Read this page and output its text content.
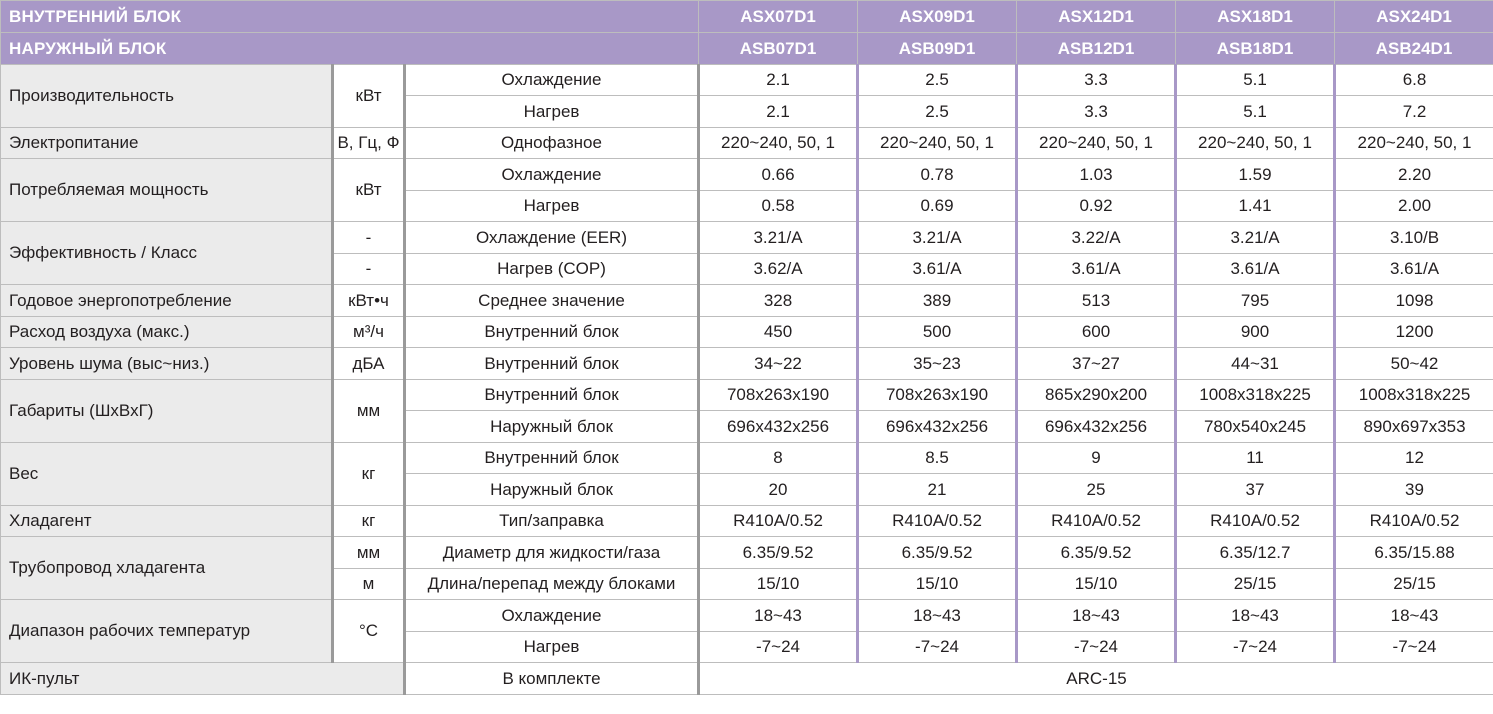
ВНУТРЕННИЙ БЛОК			ASX07D1	ASX09D1	ASX12D1	ASX18D1	ASX24D1
НАРУЖНЫЙ БЛОК			ASB07D1	ASB09D1	ASB12D1	ASB18D1	ASB24D1
Производительность	кВт	Охлаждение	2.1	2.5	3.3	5.1	6.8
		Нагрев	2.1	2.5	3.3	5.1	7.2
Электропитание	В, Гц, Ф	Однофазное	220~240, 50, 1	220~240, 50, 1	220~240, 50, 1	220~240, 50, 1	220~240, 50, 1
Потребляемая мощность	кВт	Охлаждение	0.66	0.78	1.03	1.59	2.20
		Нагрев	0.58	0.69	0.92	1.41	2.00
Эффективность / Класс	-	Охлаждение (EER)	3.21/A	3.21/A	3.22/A	3.21/A	3.10/B
	-	Нагрев (COP)	3.62/A	3.61/A	3.61/A	3.61/A	3.61/A
Годовое энергопотребление	кВт•ч	Среднее значение	328	389	513	795	1098
Расход воздуха (макс.)	м³/ч	Внутренний блок	450	500	600	900	1200
Уровень шума (выс~низ.)	дБА	Внутренний блок	34~22	35~23	37~27	44~31	50~42
Габариты (ШхВхГ)	мм	Внутренний блок	708x263x190	708x263x190	865x290x200	1008x318x225	1008x318x225
		Наружный блок	696x432x256	696x432x256	696x432x256	780x540x245	890x697x353
Вес	кг	Внутренний блок	8	8.5	9	11	12
		Наружный блок	20	21	25	37	39
Хладагент	кг	Тип/заправка	R410A/0.52	R410A/0.52	R410A/0.52	R410A/0.52	R410A/0.52
Трубопровод хладагента	мм	Диаметр для жидкости/газа	6.35/9.52	6.35/9.52	6.35/9.52	6.35/12.7	6.35/15.88
	м	Длина/перепад между блоками	15/10	15/10	15/10	25/15	25/15
Диапазон рабочих температур	°C	Охлаждение	18~43	18~43	18~43	18~43	18~43
		Нагрев	-7~24	-7~24	-7~24	-7~24	-7~24
ИК-пульт		В комплекте	ARC-15				
